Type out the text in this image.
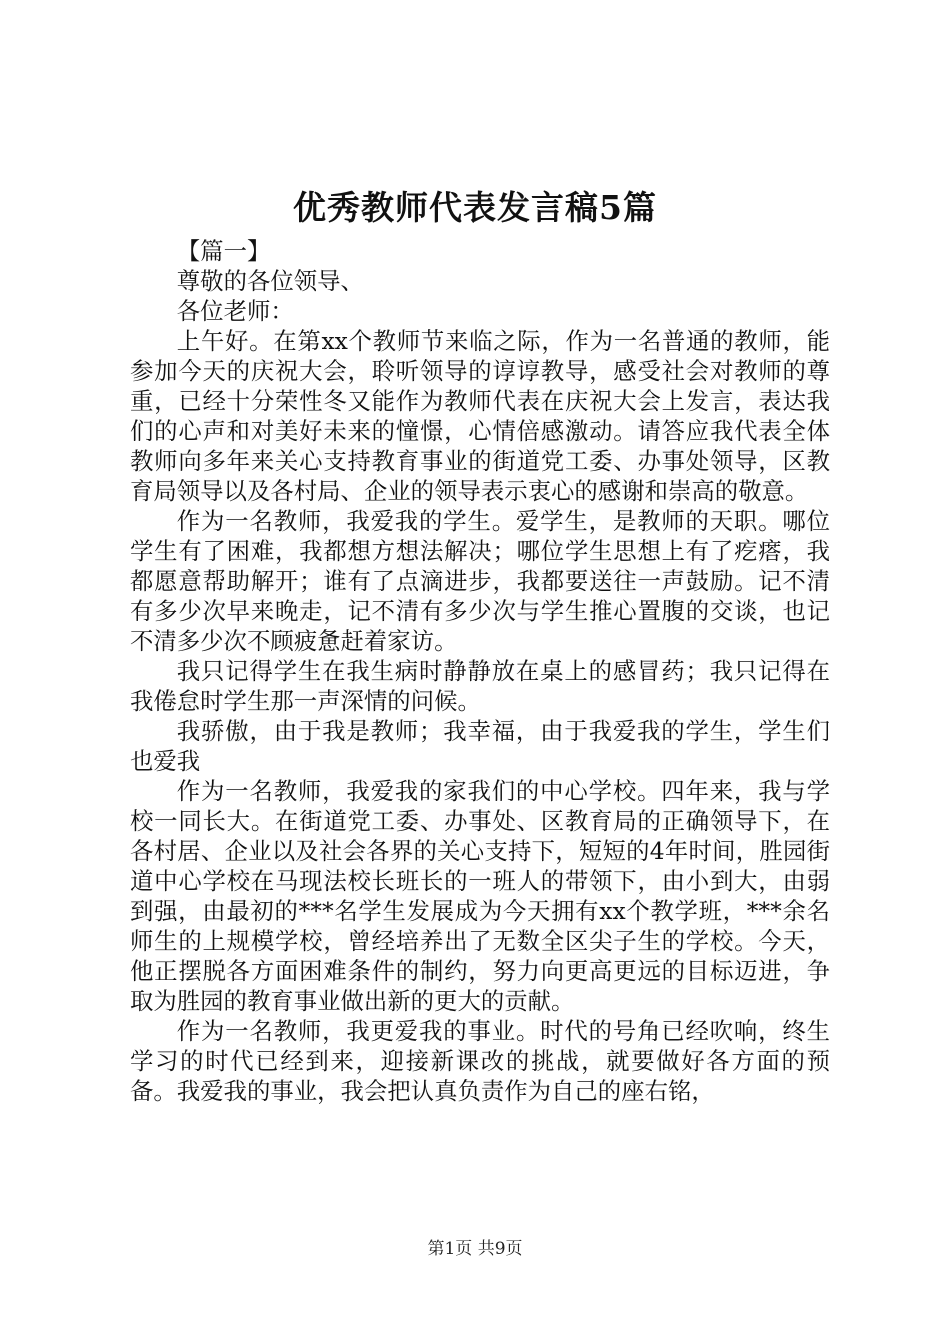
优秀教师代表发言稿5篇

【篇一】

尊敬的各位领导、

各位老师：

上午好。在第xx个教师节来临之际，作为一名普通的教师，能参加今天的庆祝大会，聆听领导的谆谆教导，感受社会对教师的尊重，已经十分荣性冬又能作为教师代表在庆祝大会上发言，表达我们的心声和对美好未来的憧憬，心情倍感激动。请答应我代表全体教师向多年来关心支持教育事业的街道党工委、办事处领导，区教育局领导以及各村局、企业的领导表示衷心的感谢和崇高的敬意。

作为一名教师，我爱我的学生。爱学生，是教师的天职。哪位学生有了困难，我都想方想法解决；哪位学生思想上有了疙瘩，我都愿意帮助解开；谁有了点滴进步，我都要送往一声鼓励。记不清有多少次早来晚走，记不清有多少次与学生推心置腹的交谈，也记不清多少次不顾疲惫赶着家访。

我只记得学生在我生病时静静放在桌上的感冒药；我只记得在我倦怠时学生那一声深情的问候。

我骄傲，由于我是教师；我幸福，由于我爱我的学生，学生们也爱我

作为一名教师，我爱我的家我们的中心学校。四年来，我与学校一同长大。在街道党工委、办事处、区教育局的正确领导下，在各村居、企业以及社会各界的关心支持下，短短的4年时间，胜园街道中心学校在马现法校长班长的一班人的带领下，由小到大，由弱到强，由最初的***名学生发展成为今天拥有xx个教学班，***余名师生的上规模学校，曾经培养出了无数全区尖子生的学校。今天，他正摆脱各方面困难条件的制约，努力向更高更远的目标迈进，争取为胜园的教育事业做出新的更大的贡献。

作为一名教师，我更爱我的事业。时代的号角已经吹响，终生学习的时代已经到来，迎接新课改的挑战，就要做好各方面的预备。我爱我的事业，我会把认真负责作为自己的座右铭，

第1页 共9页
